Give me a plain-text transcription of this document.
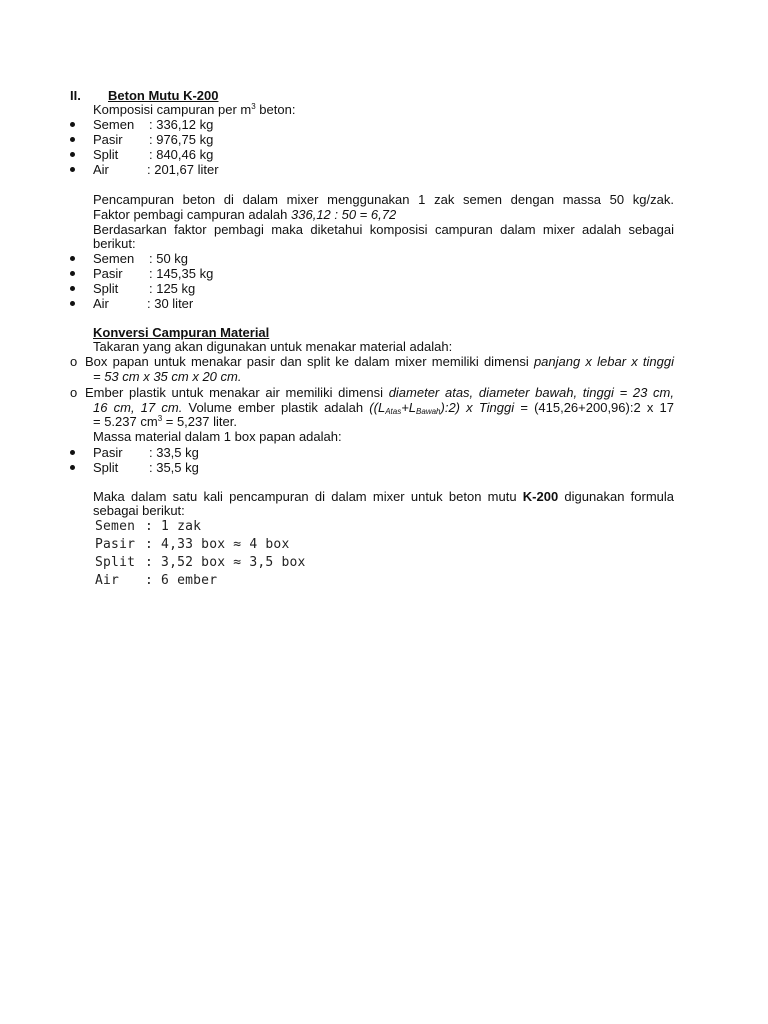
II. Beton Mutu K-200
Komposisi campuran per $m^3$ beton:
Semen : 336,12 kg
Pasir : 976,75 kg
Split : 840,46 kg
Air	: 201,67 liter
Pencampuran beton di dalam mixer menggunakan 1 zak semen dengan massa 50 kg/zak.
Faktor pembagi campuran adalah 336,12 : 50 = 6,72
Berdasarkan faktor pembagi maka diketahui komposisi campuran dalam mixer adalah sebagai
berikut:
Semen : 50 kg
Pasir : 145,35 kg
Split : 125 kg
Air	: 30 liter
Konversi Campuran Material
Takaran yang akan digunakan untuk menakar material adalah:
o Box papan untuk menakar pasir dan split ke dalam mixer memiliki dimensi panjang x lebar x tinggi
= 53 cm x 35 cm x 20 cm.
o Ember plastik untuk menakar air memiliki dimensi diameter atas, diameter bawah, tinggi = 23 cm,
16 cm, 17 cm. Volume ember plastik adalah $((L_{Atas}+L_{Bawah}):2)$ x Tinggi = (415,26+200,96):2 x 17
= 5.237 $cm^3 = 5,237$ liter.
Massa material dalam 1 box papan adalah:
Pasir : 33,5 kg
Split : 35,5 kg
Maka dalam satu kali pencampuran di dalam mixer untuk beton mutu K-200 digunakan formula
sebagai berikut:
Semen : 1 zak
Pasir : 4,33 box ≈ 4 box
Split : 3,52 box ≈ 3,5 box
Air : 6 ember
